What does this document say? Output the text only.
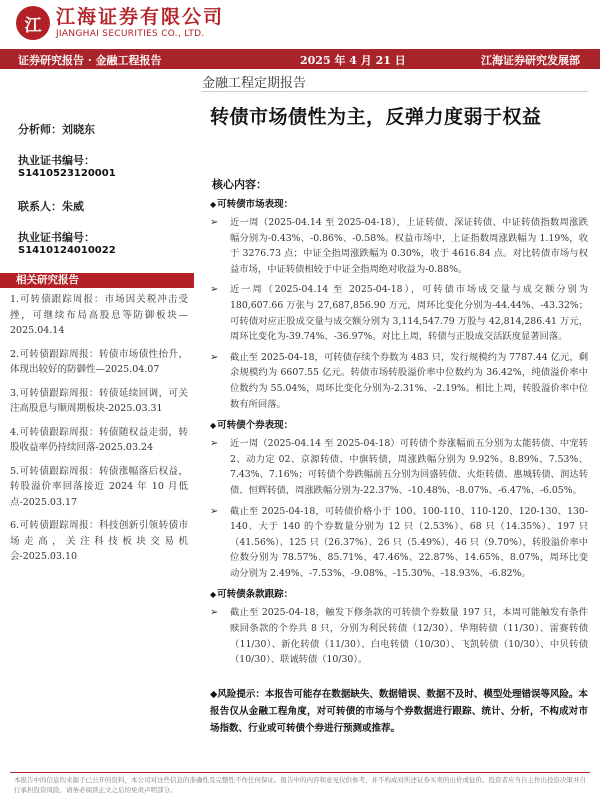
江 江海证券有限公司
JIANGHAI SECURITIES CO., LTD.
证券研究报告 · 金融工程报告	2025 年 4 月 21 日	江海证券研究发展部
金融工程定期报告
转债市场债性为主，反弹力度弱于权益
分析师：刘晓东
执业证书编号：
S1410523120001
联系人：朱威
执业证书编号：
S1410124010022
相关研究报告
1.可转债跟踪周报：市场因关税冲击受挫，可继续布局高股息等防御板块—2025.04.14
2.可转债跟踪周报：转债市场债性抬升，体现出较好的防御性—2025.04.07
3.可转债跟踪周报：转债延续回调，可关注高股息与顺周期板块-2025.03.31
4.可转债跟踪周报：转债随权益走弱，转股收益率仍持续回落-2025.03.24
5.可转债跟踪周报：转债涨幅落后权益，转股溢价率回落接近 2024 年 10 月低点-2025.03.17
6.可转债跟踪周报：科技创新引领转债市场走高，关注科技板块交易机会-2025.03.10
核心内容：
◆可转债市场表现：
➢ 近一周（2025-04.14 至 2025-04-18），上证转债、深证转债、中证转债指数周涨跌幅分别为-0.43%、-0.86%、-0.58%。权益市场中，上证指数周涨跌幅为 1.19%，收于 3276.73 点；中证全指周涨跌幅为 0.30%，收于 4616.84 点。对比转债市场与权益市场，中证转债相较于中证全指周绝对收益为-0.88%。
➢ 近一周（2025-04.14 至 2025-04-18），可转债市场成交量与成交额分别为 180,607.66 万张与 27,687,856.90 万元，周环比变化分别为-44.44%、-43.32%；可转债对应正股成交量与成交额分别为 3,114,547.79 万股与 42,814,286.41 万元，周环比变化为-39.74%、-36.97%。对比上周，转债与正股成交活跃度显著回落。
➢ 截止至 2025-04-18，可转债存续个券数为 483 只，发行规模约为 7787.44 亿元，剩余规模约为 6607.55 亿元。转债市场转股溢价率中位数约为 36.42%，纯债溢价率中位数约为 55.04%，周环比变化分别为-2.31%、-2.19%。相比上周，转股溢价率中位数有所回落。
◆可转债个券表现：
➢ 近一周（2025-04.14 至 2025-04-18）可转债个券涨幅前五分别为太能转债、中宠转 2、动力定 02、京源转债、中旗转债，周涨跌幅分别为 9.92%、8.89%、7.53%、7.43%、7.16%；可转债个券跌幅前五分别为回盛转债、火炬转债、惠城转债、润达转债、恒辉转债，周涨跌幅分别为-22.37%、-10.48%、-8.07%、-6.47%、-6.05%。
➢ 截止至 2025-04-18，可转债价格小于 100、100-110、110-120、120-130、130-140、大于 140 的个券数量分别为 12 只（2.53%）、68 只（14.35%）、197 只（41.56%）、125 只（26.37%）、26 只（5.49%）、46 只（9.70%），转股溢价率中位数分别为 78.57%、85.71%、47.46%、22.87%、14.65%、8.07%，周环比变动分别为 2.49%、-7.53%、-9.08%、-15.30%、-18.93%、-6.82%。
◆可转债条款跟踪：
➢ 截止至 2025-04-18，触发下修条款的可转债个券数量 197 只，本周可能触发有条件赎回条款的个券共 8 只，分别为利民转债（12/30）、华翔转债（11/30）、雷赛转债（11/30）、新化转债（11/30）、白电转债（10/30）、飞凯转债（10/30）、中贝转债（10/30）、联诚转债（10/30）。
◆风险提示：本报告可能存在数据缺失、数据错误、数据不及时、模型处理错误等风险。本报告仅从金融工程角度，对可转债的市场与个券数据进行跟踪、统计、分析，不构成对市场指数、行业或可转债个券进行预测或推荐。
本报告中的信息均来源于已公开的资料，本公司对这些信息的准确性及完整性不作任何保证。报告中的内容和意见仅供参考，并不构成对所述证券买卖的出价或征价。投资者应当自主作出投资决策并自行承担投资风险，请务必阅读正文之后的免责声明部分。
